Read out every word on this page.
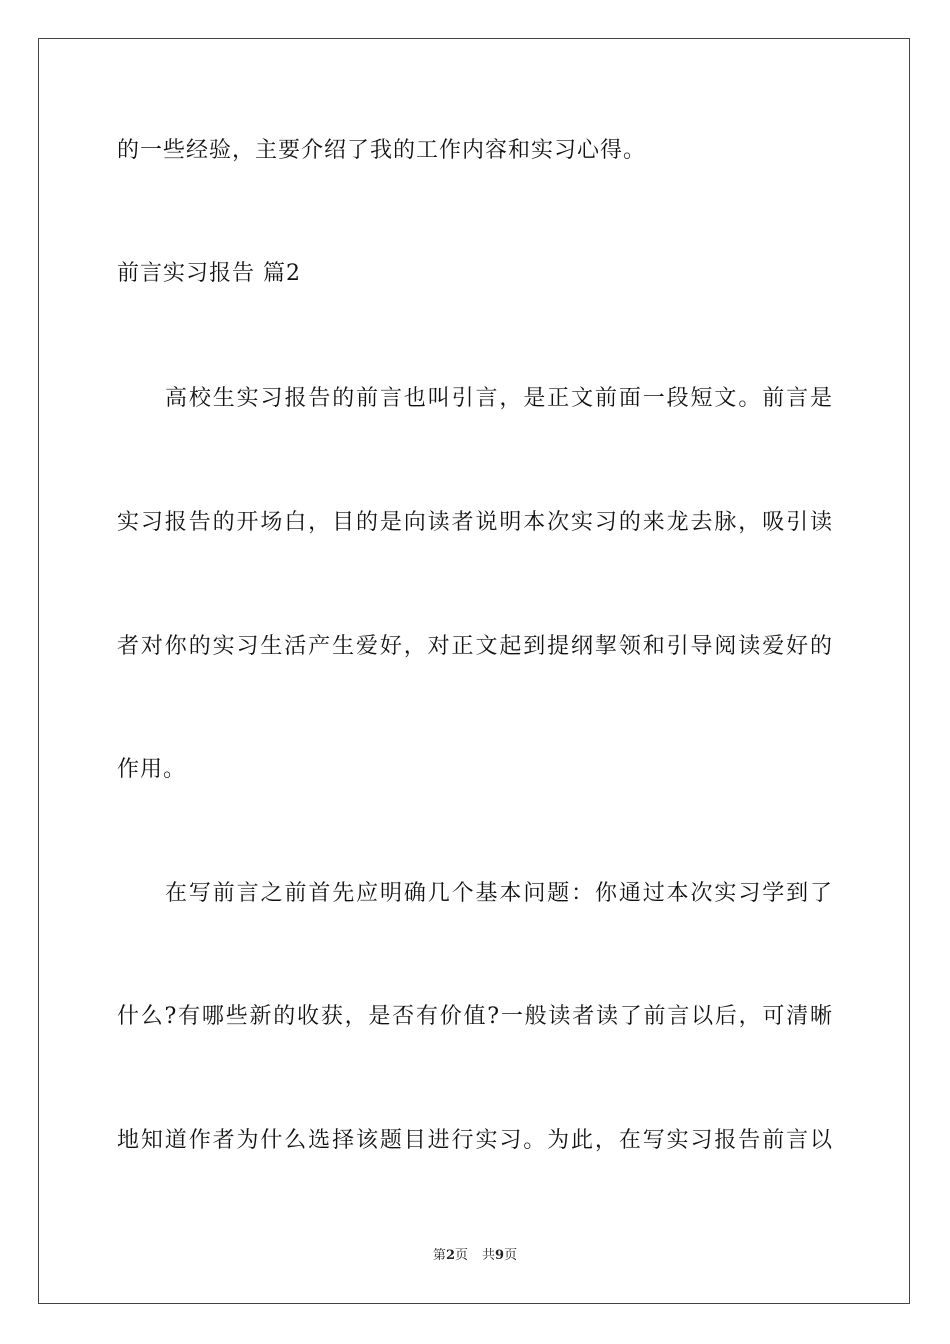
的一些经验，主要介绍了我的工作内容和实习心得。
前言实习报告 篇2
高校生实习报告的前言也叫引言，是正文前面一段短文。前言是
实习报告的开场白，目的是向读者说明本次实习的来龙去脉，吸引读
者对你的实习生活产生爱好，对正文起到提纲挈领和引导阅读爱好的
作用。
在写前言之前首先应明确几个基本问题：你通过本次实习学到了
什么?有哪些新的收获，是否有价值?一般读者读了前言以后，可清晰
地知道作者为什么选择该题目进行实习。为此，在写实习报告前言以
第2页 共9页
